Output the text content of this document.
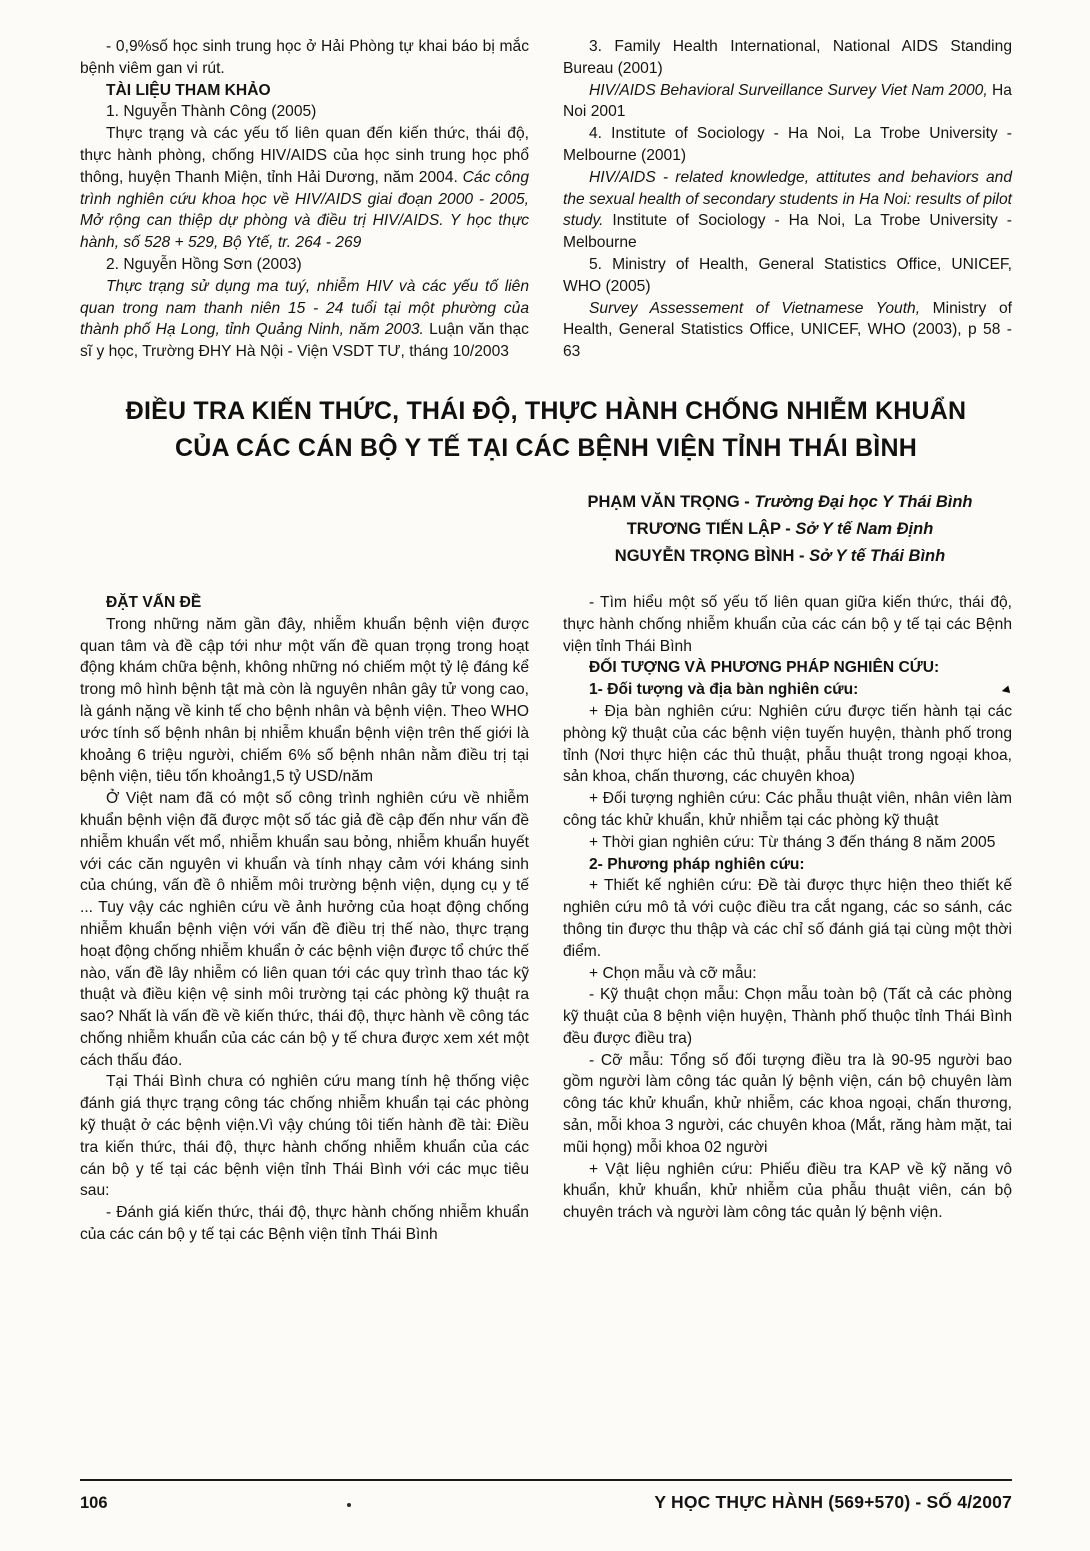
- 0,9%số học sinh trung học ở Hải Phòng tự khai báo bị mắc bệnh viêm gan vi rút.

TÀI LIỆU THAM KHẢO

1. Nguyễn Thành Công (2005)

Thực trạng và các yếu tố liên quan đến kiến thức, thái độ, thực hành phòng, chống HIV/AIDS của học sinh trung học phổ thông, huyện Thanh Miện, tỉnh Hải Dương, năm 2004. Các công trình nghiên cứu khoa học về HIV/AIDS giai đoạn 2000 - 2005, Mở rộng can thiệp dự phòng và điều trị HIV/AIDS. Y học thực hành, số 528 + 529, Bộ Ytế, tr. 264 - 269

2. Nguyễn Hồng Sơn (2003)

Thực trạng sử dụng ma tuý, nhiễm HIV và các yếu tố liên quan trong nam thanh niên 15 - 24 tuổi tại một phường của thành phố Hạ Long, tỉnh Quảng Ninh, năm 2003. Luận văn thạc sĩ y học, Trường ĐHY Hà Nội - Viện VSDT TƯ, tháng 10/2003

3. Family Health International, National AIDS Standing Bureau (2001)

HIV/AIDS Behavioral Surveillance Survey Viet Nam 2000, Ha Noi 2001

4. Institute of Sociology - Ha Noi, La Trobe University - Melbourne (2001)

HIV/AIDS - related knowledge, attitutes and behaviors and the sexual health of secondary students in Ha Noi: results of pilot study. Institute of Sociology - Ha Noi, La Trobe University - Melbourne

5. Ministry of Health, General Statistics Office, UNICEF, WHO (2005)

Survey Assessement of Vietnamese Youth, Ministry of Health, General Statistics Office, UNICEF, WHO (2003), p 58 - 63

ĐIỀU TRA KIẾN THỨC, THÁI ĐỘ, THỰC HÀNH CHỐNG NHIỄM KHUẨN
CỦA CÁC CÁN BỘ Y TẾ TẠI CÁC BỆNH VIỆN TỈNH THÁI BÌNH

PHẠM VĂN TRỌNG - Trường Đại học Y Thái Bình

TRƯƠNG TIẾN LẬP - Sở Y tế Nam Định

NGUYỄN TRỌNG BÌNH - Sở Y tế Thái Bình

ĐẶT VẤN ĐỀ

Trong những năm gần đây, nhiễm khuẩn bệnh viện được quan tâm và đề cập tới như một vấn đề quan trọng trong hoạt động khám chữa bệnh, không những nó chiếm một tỷ lệ đáng kể trong mô hình bệnh tật mà còn là nguyên nhân gây tử vong cao, là gánh nặng về kinh tế cho bệnh nhân và bệnh viện. Theo WHO ước tính số bệnh nhân bị nhiễm khuẩn bệnh viện trên thế giới là khoảng 6 triệu người, chiếm 6% số bệnh nhân nằm điều trị tại bệnh viện, tiêu tốn khoảng1,5 tỷ USD/năm

Ở Việt nam đã có một số công trình nghiên cứu về nhiễm khuẩn bệnh viện đã được một số tác giả đề cập đến như vấn đề nhiễm khuẩn vết mổ, nhiễm khuẩn sau bỏng, nhiễm khuẩn huyết với các căn nguyên vi khuẩn và tính nhạy cảm với kháng sinh của chúng, vấn đề ô nhiễm môi trường bệnh viện, dụng cụ y tế ... Tuy vậy các nghiên cứu về ảnh hưởng của hoạt động chống nhiễm khuẩn bệnh viện với vấn đề điều trị thế nào, thực trạng hoạt động chống nhiễm khuẩn ở các bệnh viện được tổ chức thế nào, vấn đề lây nhiễm có liên quan tới các quy trình thao tác kỹ thuật và điều kiện vệ sinh môi trường tại các phòng kỹ thuật ra sao? Nhất là vấn đề về kiến thức, thái độ, thực hành về công tác chống nhiễm khuẩn của các cán bộ y tế chưa được xem xét một cách thấu đáo.

Tại Thái Bình chưa có nghiên cứu mang tính hệ thống việc đánh giá thực trạng công tác chống nhiễm khuẩn tại các phòng kỹ thuật ở các bệnh viện.Vì vậy chúng tôi tiến hành đề tài: Điều tra kiến thức, thái độ, thực hành chống nhiễm khuẩn của các cán bộ y tế tại các bệnh viện tỉnh Thái Bình với các mục tiêu sau:

- Đánh giá kiến thức, thái độ, thực hành chống nhiễm khuẩn của các cán bộ y tế tại các Bệnh viện tỉnh Thái Bình

- Tìm hiểu một số yếu tố liên quan giữa kiến thức, thái độ, thực hành chống nhiễm khuẩn của các cán bộ y tế tại các Bệnh viện tỉnh Thái Bình

ĐỐI TƯỢNG VÀ PHƯƠNG PHÁP NGHIÊN CỨU:

◄
1- Đối tượng và địa bàn nghiên cứu:

+ Địa bàn nghiên cứu: Nghiên cứu được tiến hành tại các phòng kỹ thuật của các bệnh viện tuyến huyện, thành phố trong tỉnh (Nơi thực hiện các thủ thuật, phẫu thuật trong ngoại khoa, sản khoa, chấn thương, các chuyên khoa)

+ Đối tượng nghiên cứu: Các phẫu thuật viên, nhân viên làm công tác khử khuẩn, khử nhiễm tại các phòng kỹ thuật

+ Thời gian nghiên cứu: Từ tháng 3 đến tháng 8 năm 2005

2- Phương pháp nghiên cứu:

+ Thiết kế nghiên cứu: Đề tài được thực hiện theo thiết kế nghiên cứu mô tả với cuộc điều tra cắt ngang, các so sánh, các thông tin được thu thập và các chỉ số đánh giá tại cùng một thời điểm.

+ Chọn mẫu và cỡ mẫu:

- Kỹ thuật chọn mẫu: Chọn mẫu toàn bộ (Tất cả các phòng kỹ thuật của 8 bệnh viện huyện, Thành phố thuộc tỉnh Thái Bình đều được điều tra)

- Cỡ mẫu: Tổng số đối tượng điều tra là 90-95 người bao gồm người làm công tác quản lý bệnh viện, cán bộ chuyên làm công tác khử khuẩn, khử nhiễm, các khoa ngoại, chấn thương, sản, mỗi khoa 3 người, các chuyên khoa (Mắt, răng hàm mặt, tai mũi họng) mỗi khoa 02 người

+ Vật liệu nghiên cứu: Phiếu điều tra KAP về kỹ năng vô khuẩn, khử khuẩn, khử nhiễm của phẫu thuật viên, cán bộ chuyên trách và người làm công tác quản lý bệnh viện.

106	Y HỌC THỰC HÀNH (569+570) - SỐ 4/2007
